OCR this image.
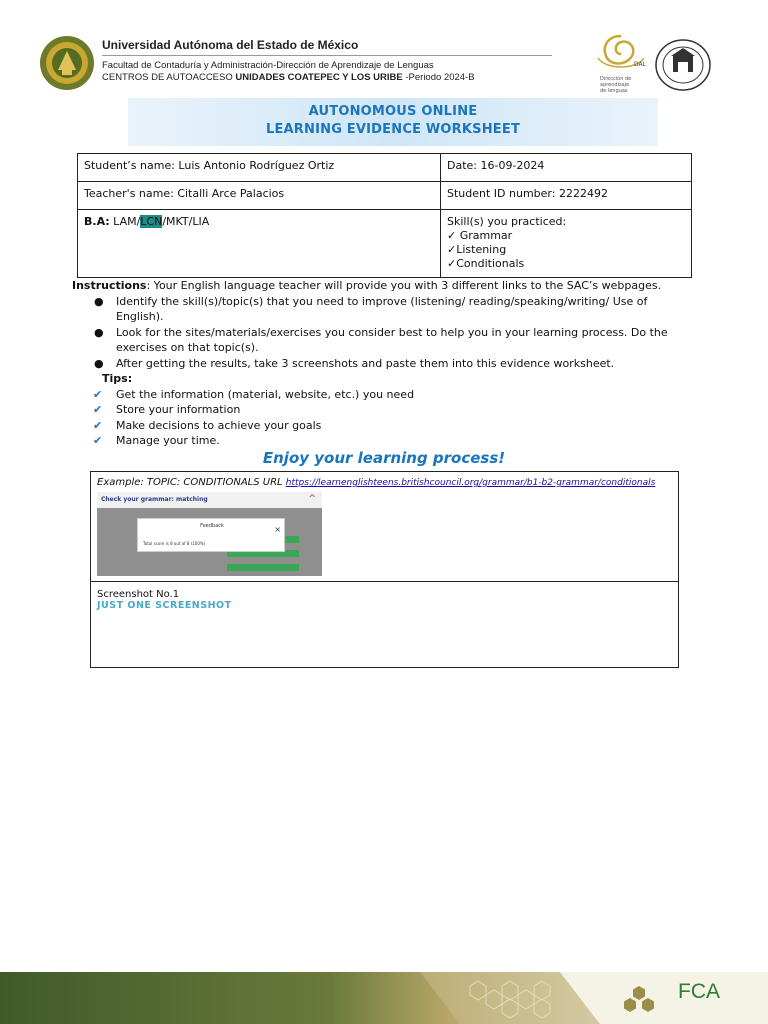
Universidad Autónoma del Estado de México
Facultad de Contaduría y Administración-Dirección de Aprendizaje de Lenguas
CENTROS DE AUTOACCESO UNIDADES COATEPEC Y LOS URIBE -Periodo 2024-B
DAL
Dirección de
aprendizaje
de lenguas
AUTONOMOUS ONLINE
LEARNING EVIDENCE WORKSHEET
Student’s name: Luis Antonio Rodríguez Ortiz	Date: 16-09-2024
Teacher's name: Citalli Arce Palacios	Student ID number: 2222492
B.A: LAM/LCN/MKT/LIA	Skill(s) you practiced:
✓ Grammar
✓Listening
✓Conditionals
Instructions: Your English language teacher will provide you with 3 different links to the SAC’s webpages.
● Identify the skill(s)/topic(s) that you need to improve (listening/ reading/speaking/writing/ Use of English).
● Look for the sites/materials/exercises you consider best to help you in your learning process. Do the exercises on that topic(s).
● After getting the results, take 3 screenshots and paste them into this evidence worksheet.
Tips:
✔ Get the information (material, website, etc.) you need
✔ Store your information
✔ Make decisions to achieve your goals
✔ Manage your time.
Enjoy your learning process!
Example: TOPIC: CONDITIONALS URL https://learnenglishteens.britishcouncil.org/grammar/b1-b2-grammar/conditionals
Check your grammar: matching	^
Feedback	×
Total score is 8 out of 8 (100%)

Screenshot No.1
JUST ONE SCREENSHOT
FCA
